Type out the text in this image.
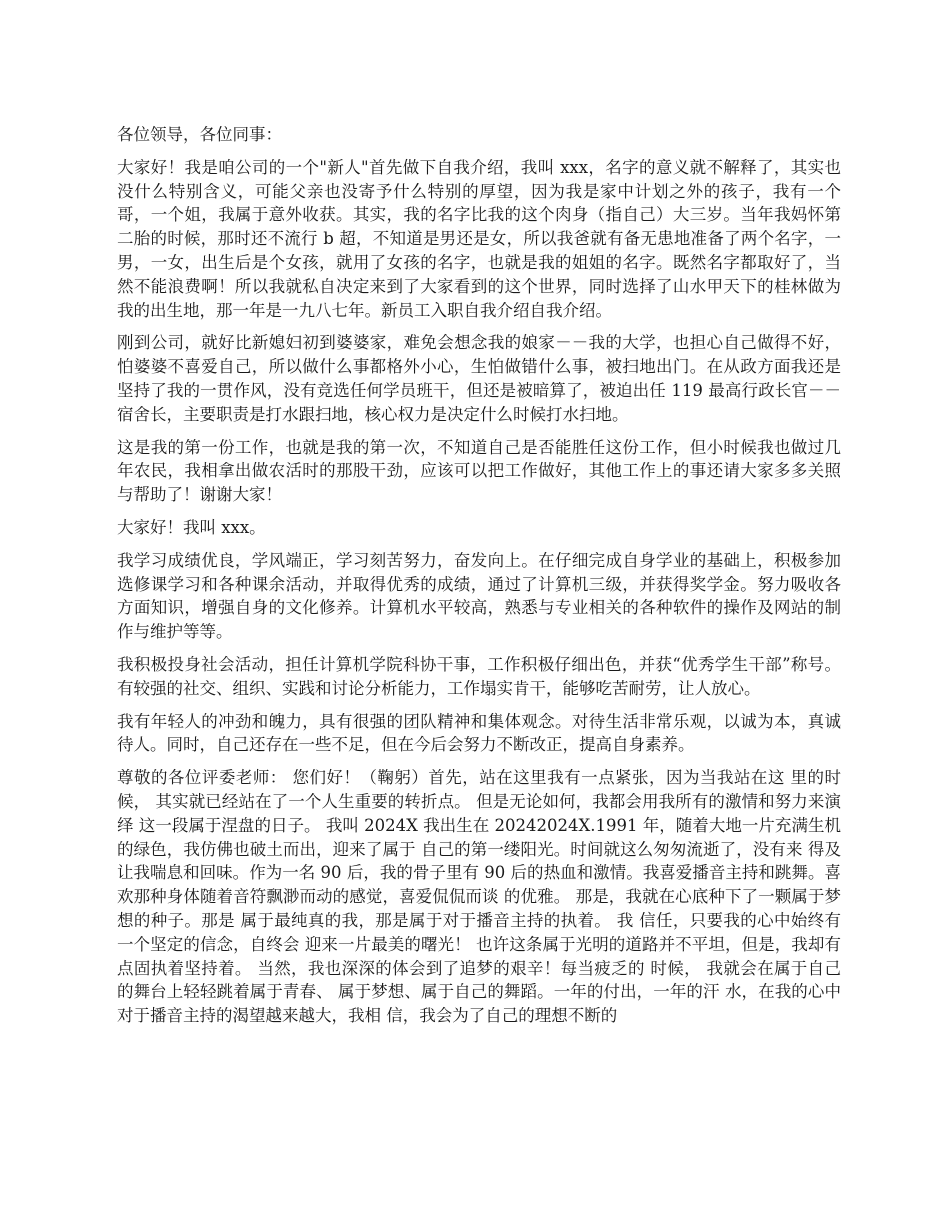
各位领导，各位同事：

大家好！我是咱公司的一个"新人"首先做下自我介绍，我叫 xxx，名字的意义就不解释了，其实也没什么特别含义，可能父亲也没寄予什么特别的厚望，因为我是家中计划之外的孩子，我有一个哥，一个姐，我属于意外收获。其实，我的名字比我的这个肉身（指自己）大三岁。当年我妈怀第二胎的时候，那时还不流行 b 超，不知道是男还是女，所以我爸就有备无患地准备了两个名字，一男，一女，出生后是个女孩，就用了女孩的名字，也就是我的姐姐的名字。既然名字都取好了，当然不能浪费啊！所以我就私自决定来到了大家看到的这个世界，同时选择了山水甲天下的桂林做为我的出生地，那一年是一九八七年。新员工入职自我介绍自我介绍。

刚到公司，就好比新媳妇初到婆婆家，难免会想念我的娘家－－我的大学，也担心自己做得不好，怕婆婆不喜爱自己，所以做什么事都格外小心，生怕做错什么事，被扫地出门。在从政方面我还是坚持了我的一贯作风，没有竞选任何学员班干，但还是被暗算了，被迫出任 119 最高行政长官－－宿舍长，主要职责是打水跟扫地，核心权力是决定什么时候打水扫地。

这是我的第一份工作，也就是我的第一次，不知道自己是否能胜任这份工作，但小时候我也做过几年农民，我相拿出做农活时的那股干劲，应该可以把工作做好，其他工作上的事还请大家多多关照与帮助了！谢谢大家！

大家好！我叫 xxx。

我学习成绩优良，学风端正，学习刻苦努力，奋发向上。在仔细完成自身学业的基础上，积极参加选修课学习和各种课余活动，并取得优秀的成绩，通过了计算机三级，并获得奖学金。努力吸收各方面知识，增强自身的文化修养。计算机水平较高，熟悉与专业相关的各种软件的操作及网站的制作与维护等等。

我积极投身社会活动，担任计算机学院科协干事，工作积极仔细出色，并获“优秀学生干部”称号。有较强的社交、组织、实践和讨论分析能力，工作塌实肯干，能够吃苦耐劳，让人放心。

我有年轻人的冲劲和魄力，具有很强的团队精神和集体观念。对待生活非常乐观，以诚为本，真诚待人。同时，自己还存在一些不足，但在今后会努力不断改正，提高自身素养。

尊敬的各位评委老师： 您们好！（鞠躬）首先，站在这里我有一点紧张，因为当我站在这 里的时候， 其实就已经站在了一个人生重要的转折点。 但是无论如何，我都会用我所有的激情和努力来演绎 这一段属于涅盘的日子。 我叫 2024X 我出生在 20242024X.1991 年，随着大地一片充满生机的绿色，我仿佛也破土而出，迎来了属于 自己的第一缕阳光。时间就这么匆匆流逝了，没有来 得及让我喘息和回味。作为一名 90 后，我的骨子里有 90 后的热血和激情。我喜爱播音主持和跳舞。喜 欢那种身体随着音符飘渺而动的感觉，喜爱侃侃而谈 的优雅。 那是，我就在心底种下了一颗属于梦想的种子。那是 属于最纯真的我，那是属于对于播音主持的执着。 我 信任，只要我的心中始终有一个坚定的信念，自终会 迎来一片最美的曙光！ 也许这条属于光明的道路并不平坦，但是，我却有点固执着坚持着。 当然，我也深深的体会到了追梦的艰辛！每当疲乏的 时候， 我就会在属于自己的舞台上轻轻跳着属于青春、 属于梦想、属于自己的舞蹈。一年的付出，一年的汗 水，在我的心中对于播音主持的渴望越来越大，我相 信，我会为了自己的理想不断的
